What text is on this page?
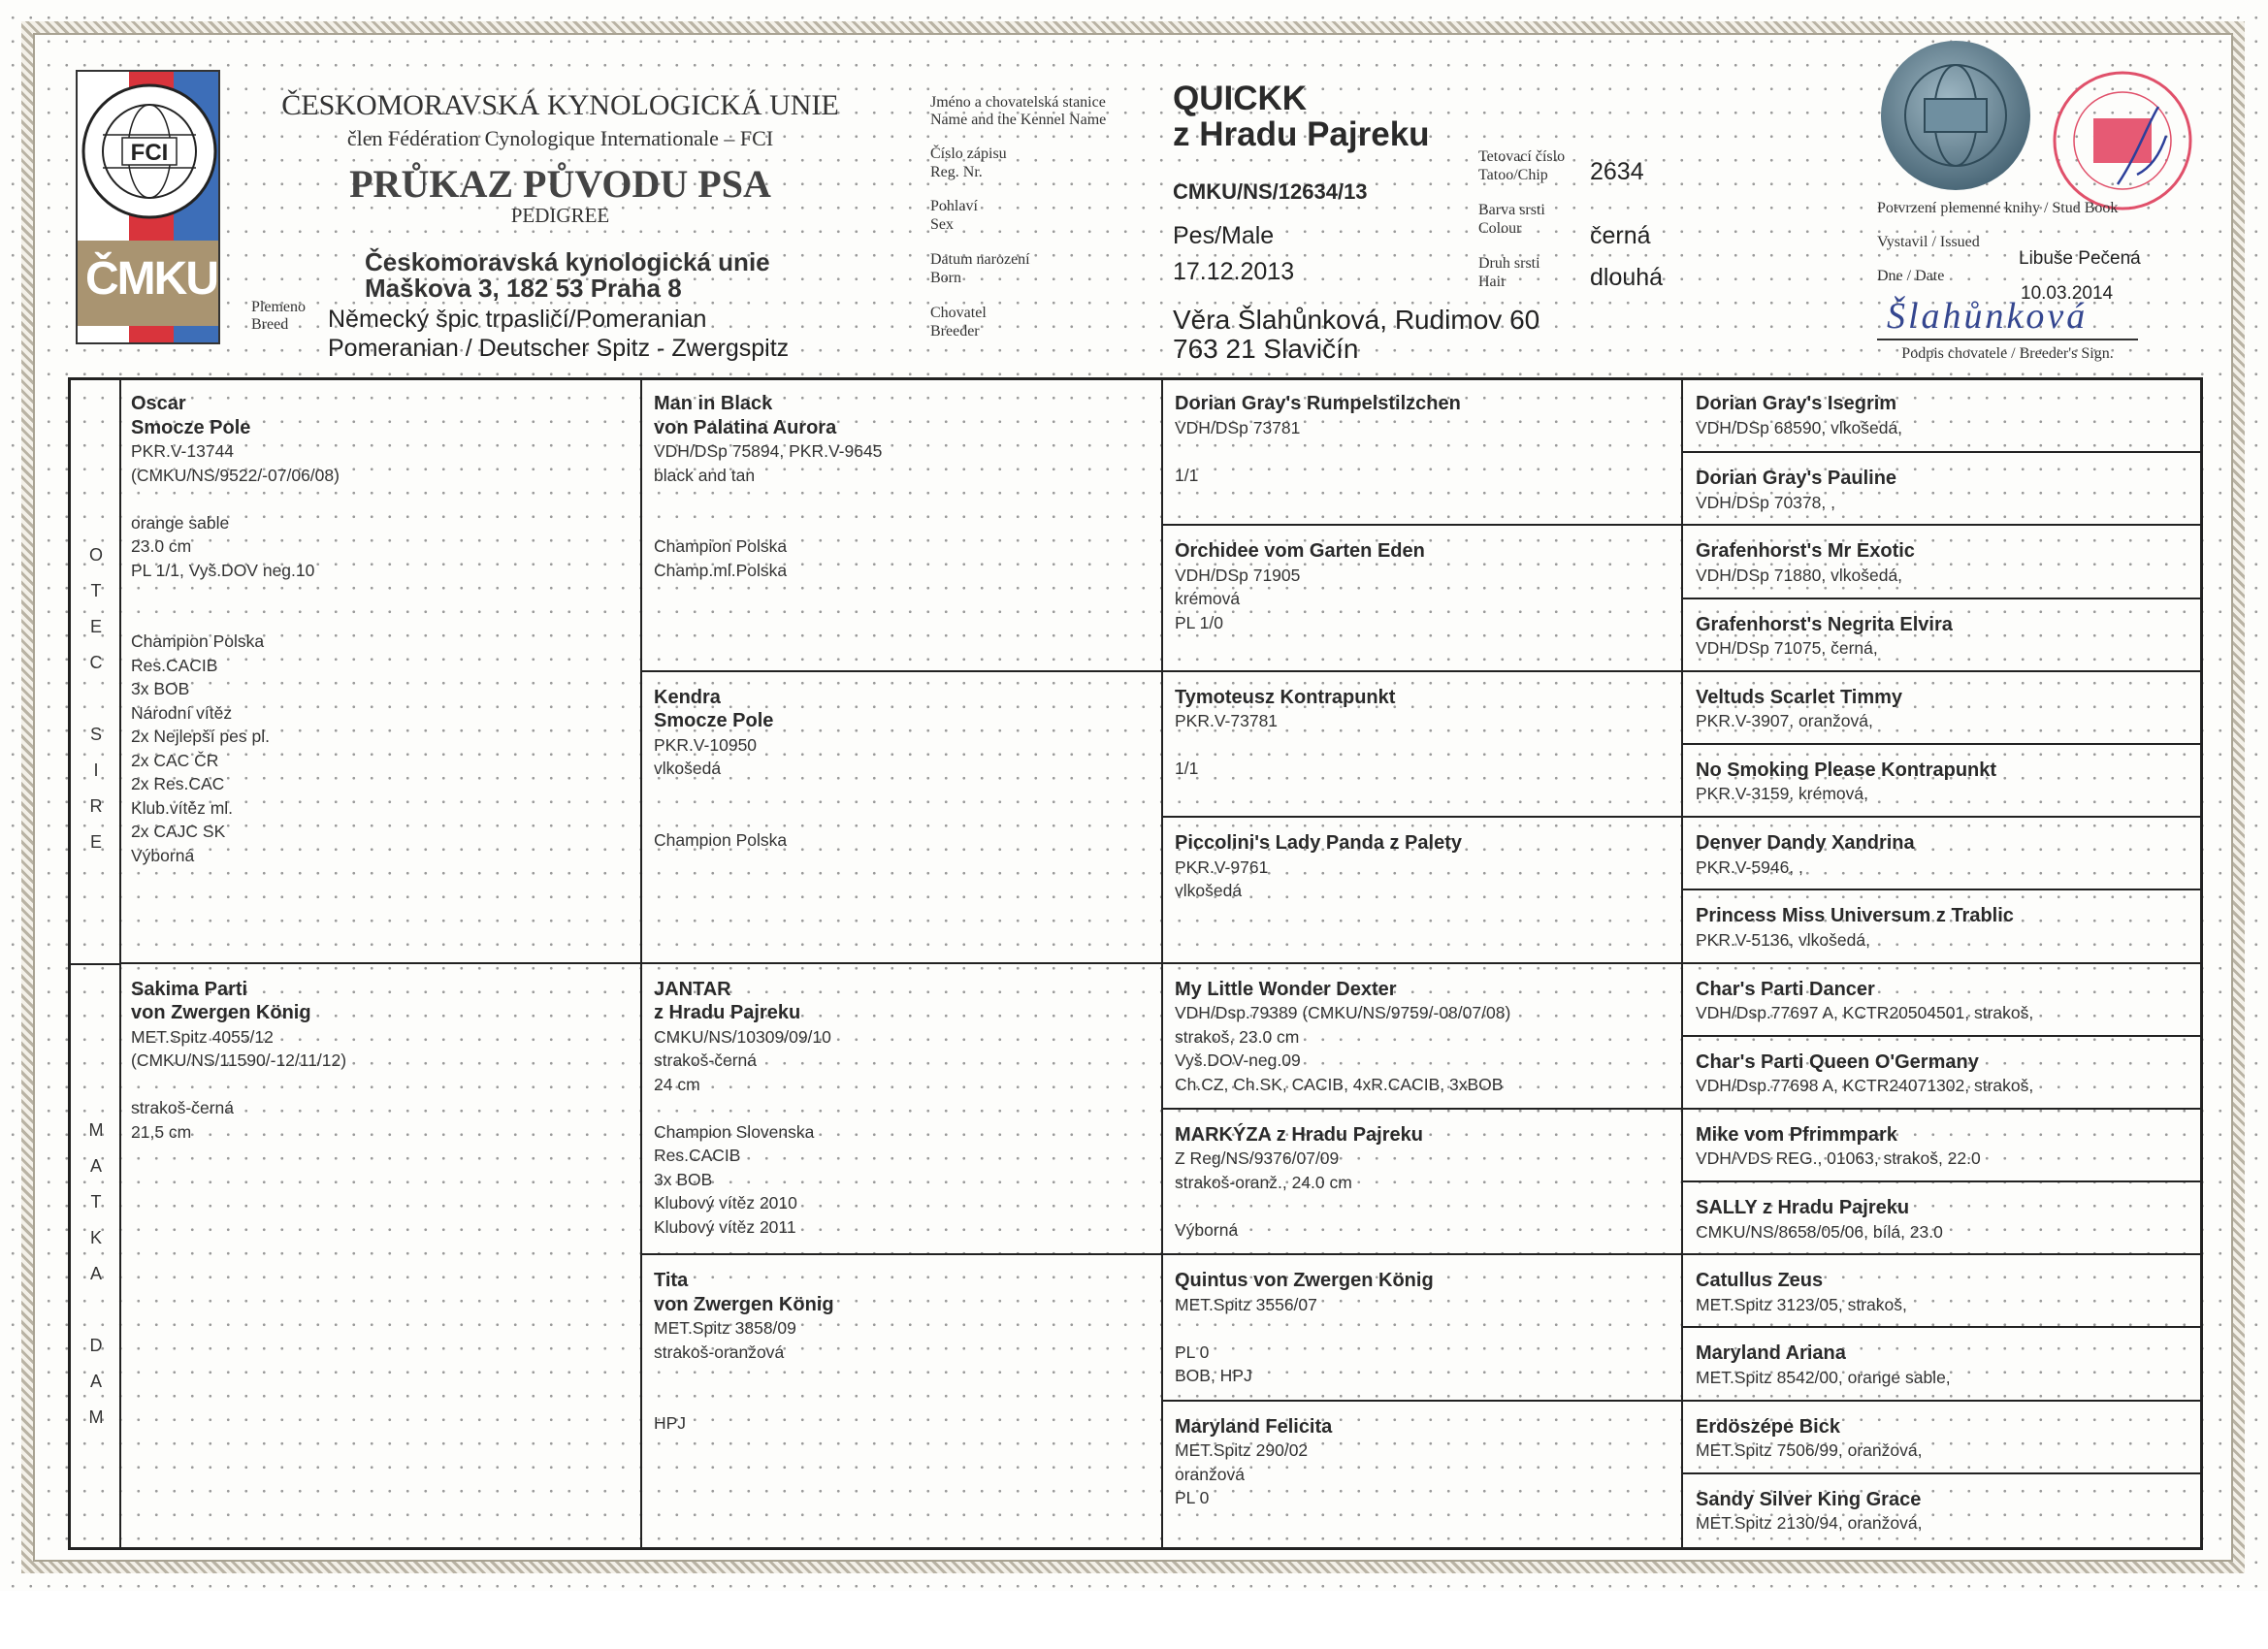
FCI
ČMKU
ČESKOMORAVSKÁ KYNOLOGICKÁ UNIE
člen Fédération Cynologique Internationale – FCI
PRŮKAZ PŮVODU PSA
PEDIGREE
Českomoravská kynologická unie
Maškova 3, 182 53 Praha 8
Plemeno
Breed Německý špic trpasličí/Pomeranian
Pomeranian / Deutscher Spitz - Zwergspitz
Jméno a chovatelská stanice
Name and the Kennel Name
Číslo zápisu
Reg. Nr.
Pohlaví
Sex
Datum narození
Born
Chovatel
Breeder
QUICKK
z Hradu Pajreku
CMKU/NS/12634/13
Pes/Male
17.12.2013
Věra Šlahůnková, Rudimov 60
763 21 Slavičín
Tetovací číslo
Tatoo/Chip
Barva srsti
Colour
Druh srsti
Hair
2634
černá
dlouhá
Potvrzení plemenné knihy / Stud Book
Vystavil / Issued
Libuše Pečená
Dne / Date
10.03.2014
Šlahůnková
Podpis chovatele / Breeder's Sign.
Oscar
Smocze Pole
PKR.V-13744
(CMKU/NS/9522/-07/06/08)
orange sable
23.0 cm
PL 1/1, Vyš.DOV neg.10
Champion Polska
Res.CACIB
3x BOB
Národní vítěz
2x Nejlepší pes pl.
2x CAC ČR
2x Res.CAC
Klub.vítěz ml.
2x CAJC SK
Výborná
Sakima Parti
von Zwergen König
MET.Spitz 4055/12
(CMKU/NS/11590/-12/11/12)
strakoš-černá
21,5 cm
Man in Black
von Palatina Aurora
VDH/DSp 75894, PKR.V-9645
black and tan
Champion Polska
Champ.ml.Polska
Kendra
Smocze Pole
PKR.V-10950
vlkošedá
Champion Polska
JANTAR
z Hradu Pajreku
CMKU/NS/10309/09/10
strakoš-černá
24 cm
Champion Slovenska
Res.CACIB
3x BOB
Klubový vítěz 2010
Klubový vítěz 2011
Tita
von Zwergen König
MET.Spitz 3858/09
strakoš-oranžová
HPJ
Dorian Gray's Rumpelstilzchen
VDH/DSp 73781
1/1
Orchidee vom Garten Eden
VDH/DSp 71905
krémová
PL 1/0
Tymoteusz Kontrapunkt
PKR.V-73781
1/1
Piccolini's Lady Panda z Palety
PKR.V-9761
vlkošedá
My Little Wonder Dexter
VDH/Dsp.79389 (CMKU/NS/9759/-08/07/08)
strakoš, 23.0 cm
Vyš.DOV-neg.09
Ch.CZ, Ch.SK, CACIB, 4xR.CACIB, 3xBOB
MARKÝZA z Hradu Pajreku
Z Reg/NS/9376/07/09
strakoš-oranž., 24.0 cm
Výborná
Quintus von Zwergen König
MET.Spitz 3556/07
PL 0
BOB, HPJ
Maryland Felicita
MET.Spitz 290/02
oranžová
PL 0
Dorian Gray's Isegrim
VDH/DSp 68590, vlkošedá,
Dorian Gray's Pauline
VDH/DSp 70378, ,
Grafenhorst's Mr Exotic
VDH/DSp 71880, vlkošedá,
Grafenhorst's Negrita Elvira
VDH/DSp 71075, černá,
Veltuds Scarlet Timmy
PKR.V-3907, oranžová,
No Smoking Please Kontrapunkt
PKR.V-3159, krémová,
Denver Dandy Xandrina
PKR.V-5946, ,
Princess Miss Universum z Trablic
PKR.V-5136, vlkošedá,
Char's Parti Dancer
VDH/Dsp.77697 A, KCTR20504501, strakoš,
Char's Parti Queen O'Germany
VDH/Dsp.77698 A, KCTR24071302, strakoš,
Mike vom Pfrimmpark
VDH/VDS REG., 01063, strakoš, 22.0
SALLY z Hradu Pajreku
CMKU/NS/8658/05/06, bílá, 23.0
Catullus Zeus
MET.Spitz 3123/05, strakoš,
Maryland Ariana
MET.Spitz 8542/00, orange sable,
Erdöszépe Bick
MET.Spitz 7506/99, oranžová,
Sandy Silver King Grace
MET.Spitz 2130/94, oranžová,
O
T
E
C
S
I
R
E
M
A
T
K
A
D
A
M
